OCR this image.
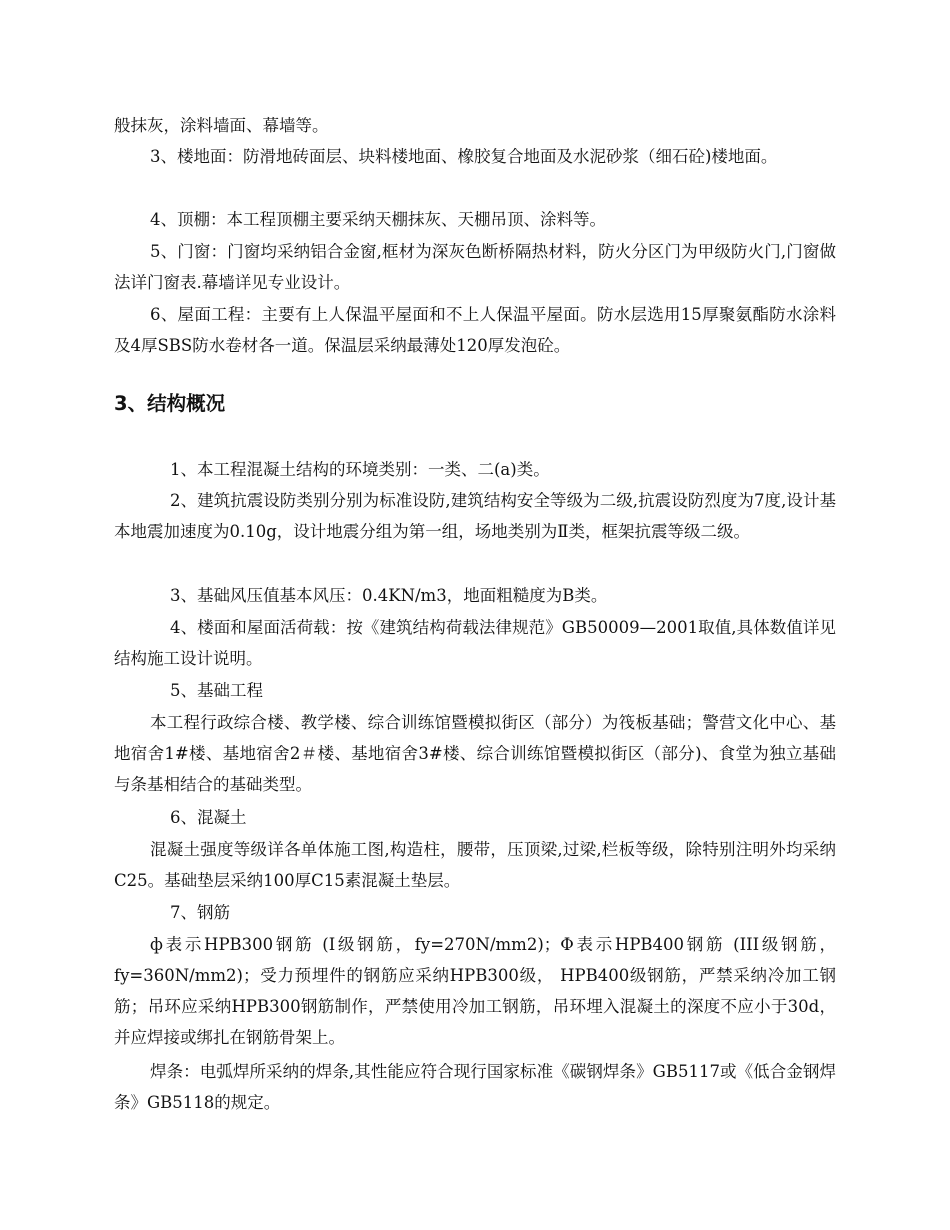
般抹灰，涂料墙面、幕墙等。

3、楼地面：防滑地砖面层、块料楼地面、橡胶复合地面及水泥砂浆（细石砼)楼地面。

4、顶棚：本工程顶棚主要采纳天棚抹灰、天棚吊顶、涂料等。

5、门窗：门窗均采纳铝合金窗,框材为深灰色断桥隔热材料，防火分区门为甲级防火门,门窗做法详门窗表.幕墙详见专业设计。

6、屋面工程：主要有上人保温平屋面和不上人保温平屋面。防水层选用15厚聚氨酯防水涂料及4厚SBS防水卷材各一道。保温层采纳最薄处120厚发泡砼。

3、结构概况

1、本工程混凝土结构的环境类别：一类、二(a)类。

2、建筑抗震设防类别分别为标准设防,建筑结构安全等级为二级,抗震设防烈度为7度,设计基本地震加速度为0.10g，设计地震分组为第一组，场地类别为Ⅱ类，框架抗震等级二级。

3、基础风压值基本风压：0.4KN/m3，地面粗糙度为B类。

4、楼面和屋面活荷载：按《建筑结构荷载法律规范》GB50009—2001取值,具体数值详见结构施工设计说明。

5、基础工程

本工程行政综合楼、教学楼、综合训练馆暨模拟街区（部分）为筏板基础；警营文化中心、基地宿舍1#楼、基地宿舍2＃楼、基地宿舍3#楼、综合训练馆暨模拟街区（部分)、食堂为独立基础与条基相结合的基础类型。

6、混凝土

混凝土强度等级详各单体施工图,构造柱，腰带，压顶梁,过梁,栏板等级，除特别注明外均采纳C25。基础垫层采纳100厚C15素混凝土垫层。

7、钢筋

ф表示HPB300钢筋 (I级钢筋，fy=270N/mm2)；Φ表示HPB400钢筋 (III级钢筋，fy=360N/mm2)；受力预埋件的钢筋应采纳HPB300级， HPB400级钢筋，严禁采纳冷加工钢筋；吊环应采纳HPB300钢筋制作，严禁使用冷加工钢筋，吊环埋入混凝土的深度不应小于30d，并应焊接或绑扎在钢筋骨架上。

焊条：电弧焊所采纳的焊条,其性能应符合现行国家标准《碳钢焊条》GB5117或《低合金钢焊条》GB5118的规定。
